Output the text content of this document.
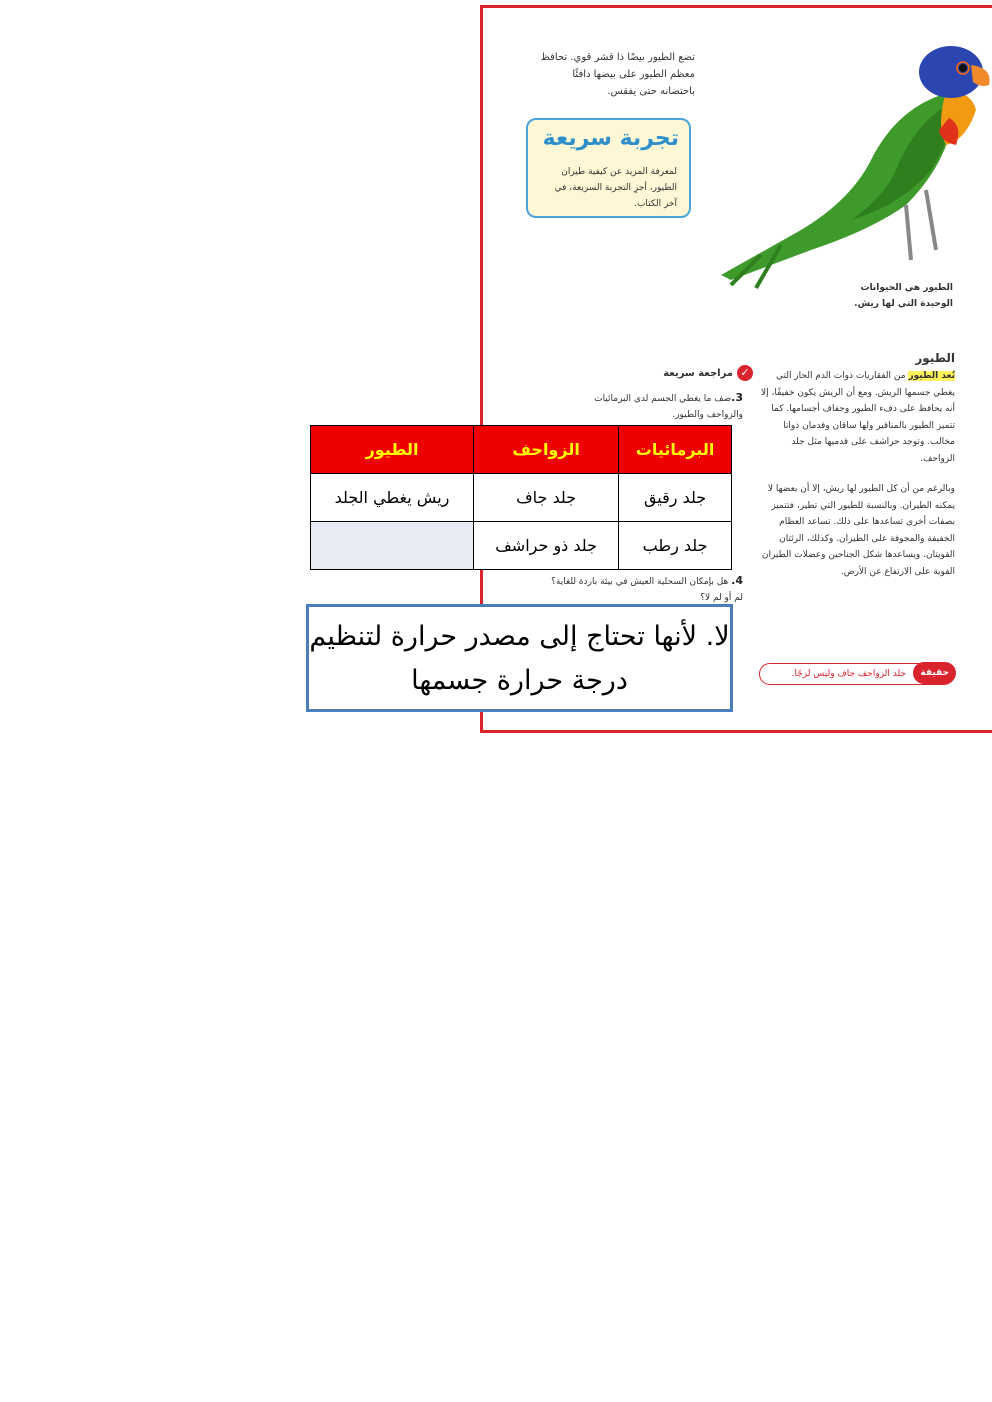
تضع الطيور بيضًا ذا قشر قوي. تحافظ معظم الطيور على بيضها دافئًا باحتضانه حتى يفقس.
تجربة سريعة
لمعرفة المزيد عن كيفية طيران الطيور، أجرِ التجربة السريعة، في آخر الكتاب.
الطيور هي الحيوانات الوحيدة التي لها ريش.
الطيور

تُعد الطيور من الفقاريات ذوات الدم الحار التي يغطي جسمها الريش. ومع أن الريش يكون خفيفًا، إلا أنه يحافظ على دفء الطيور وجفاف أجسامها. كما تتميز الطيور بالمناقير ولها ساقان وقدمان ذواتا مخالب. وتوجد حراشف على قدميها مثل جلد الزواحف.

وبالرغم من أن كل الطيور لها ريش، إلا أن بعضها لا يمكنه الطيران. وبالنسبة للطيور التي تطير، فتتميز بصفات أخرى تساعدها على ذلك. تساعد العظام الخفيفة والمجوفة على الطيران. وكذلك، الرئتان القويتان. ويساعدها شكل الجناحين وعضلات الطيران القوية على الارتفاع عن الأرض.

✓مراجعة سريعة
3.صف ما يغطي الجسم لدى البرمائيات والزواحف والطيور.
4. هل بإمكان السحلية العيش في بيئة باردة للغاية؟ لم أو لم لا؟
حقيقة
جلد الزواحف جاف وليس لزجًا.
البرمائيات	الزواحف	الطيور
جلد رقيق	جلد جاف	ريش يغطي الجلد
جلد رطب	جلد ذو حراشف	
لا. لأنها تحتاج إلى مصدر حرارة لتنظيم درجة حرارة جسمها
